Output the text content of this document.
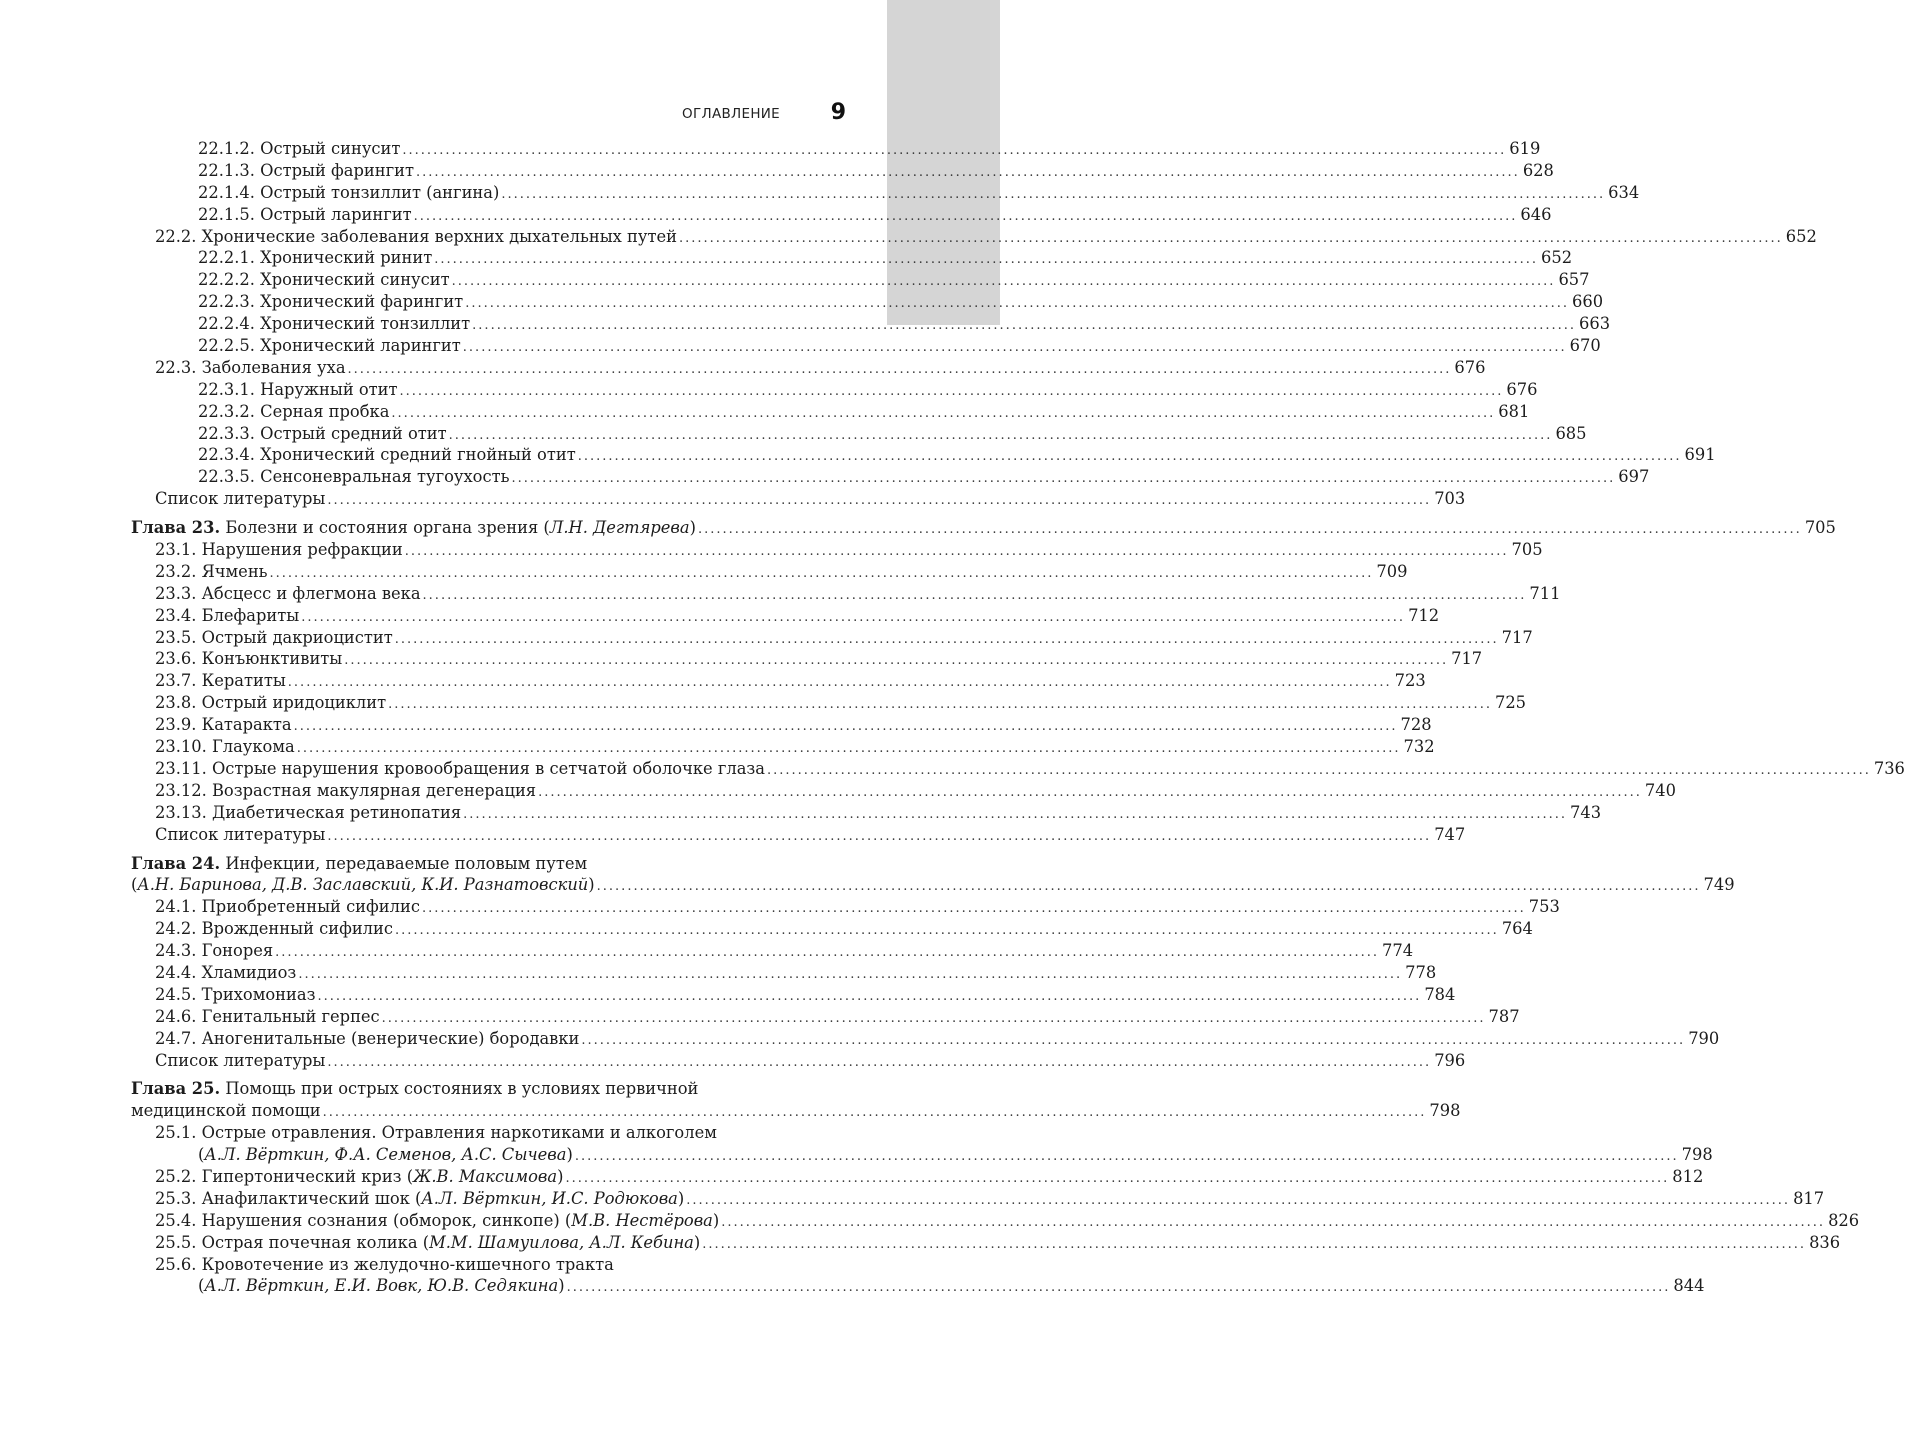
ОГЛАВЛЕНИЕ 9
22.1.2. Острый синусит .....	619
22.1.3. Острый фарингит .....	628
22.1.4. Острый тонзиллит (ангина) .....	634
22.1.5. Острый ларингит .....	646
22.2. Хронические заболевания верхних дыхательных путей .....	652
22.2.1. Хронический ринит .....	652
22.2.2. Хронический синусит .....	657
22.2.3. Хронический фарингит .....	660
22.2.4. Хронический тонзиллит .....	663
22.2.5. Хронический ларингит .....	670
22.3. Заболевания уха .....	676
22.3.1. Наружный отит .....	676
22.3.2. Серная пробка .....	681
22.3.3. Острый средний отит .....	685
22.3.4. Хронический средний гнойный отит .....	691
22.3.5. Сенсоневральная тугоухость .....	697
Список литературы .....	703
Глава 23. Болезни и состояния органа зрения (Л.Н. Дегтярева) .....	705
23.1. Нарушения рефракции .....	705
23.2. Ячмень .....	709
23.3. Абсцесс и флегмона века .....	711
23.4. Блефариты .....	712
23.5. Острый дакриоцистит .....	717
23.6. Конъюнктивиты .....	717
23.7. Кератиты .....	723
23.8. Острый иридоциклит .....	725
23.9. Катаракта .....	728
23.10. Глаукома .....	732
23.11. Острые нарушения кровообращения в сетчатой оболочке глаза .....	736
23.12. Возрастная макулярная дегенерация .....	740
23.13. Диабетическая ретинопатия .....	743
Список литературы .....	747
Глава 24. Инфекции, передаваемые половым путем
(А.Н. Баринова, Д.В. Заславский, К.И. Разнатовский) .....	749
24.1. Приобретенный сифилис .....	753
24.2. Врожденный сифилис .....	764
24.3. Гонорея .....	774
24.4. Хламидиоз .....	778
24.5. Трихомониаз .....	784
24.6. Генитальный герпес .....	787
24.7. Аногенитальные (венерические) бородавки .....	790
Список литературы .....	796
Глава 25. Помощь при острых состояниях в условиях первичной
медицинской помощи .....	798
25.1. Острые отравления. Отравления наркотиками и алкоголем
(А.Л. Вёрткин, Ф.А. Семенов, А.С. Сычева) .....	798
25.2. Гипертонический криз (Ж.В. Максимова) .....	812
25.3. Анафилактический шок (А.Л. Вёрткин, И.С. Родюкова) .....	817
25.4. Нарушения сознания (обморок, синкопе) (М.В. Нестёрова) .....	826
25.5. Острая почечная колика (М.М. Шамуилова, А.Л. Кебина) .....	836
25.6. Кровотечение из желудочно-кишечного тракта
(А.Л. Вёрткин, Е.И. Вовк, Ю.В. Седякина) .....	844
